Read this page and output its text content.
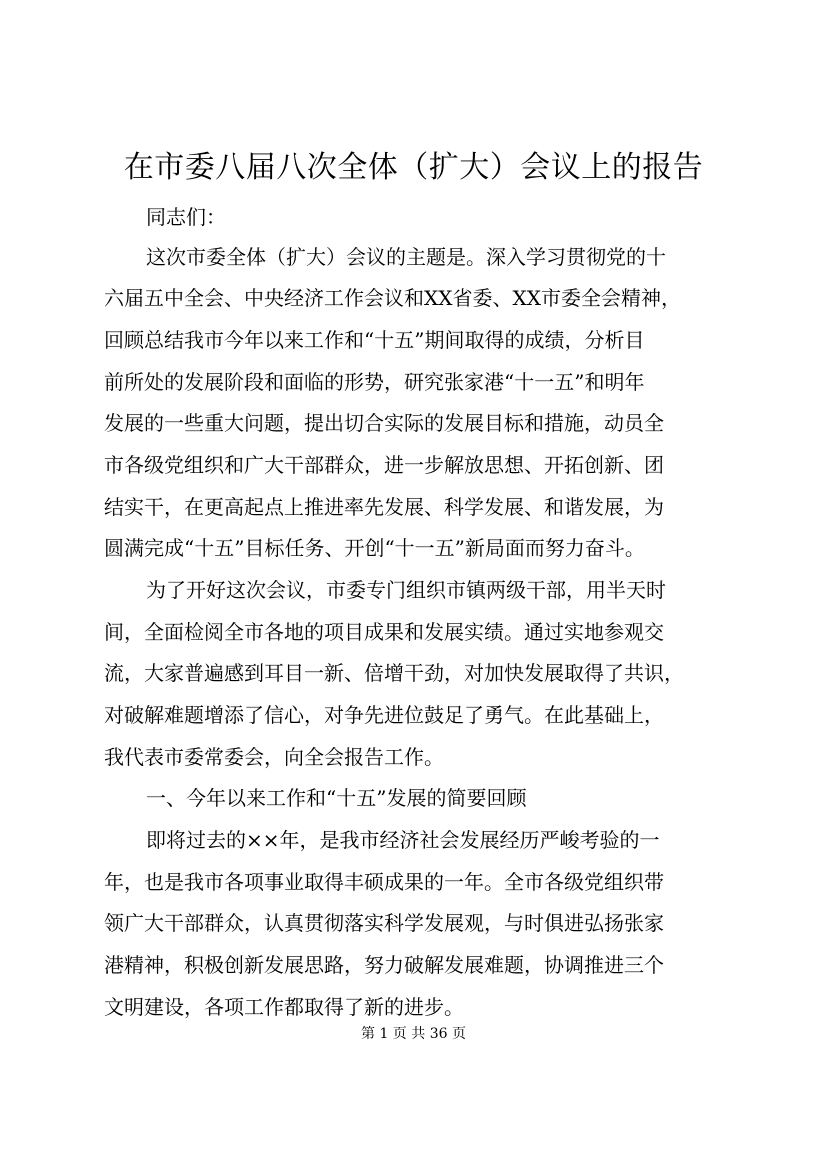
在市委八届八次全体（扩大）会议上的报告

同志们：

这次市委全体（扩大）会议的主题是。深入学习贯彻党的十

六届五中全会、中央经济工作会议和XX省委、XX市委全会精神，

回顾总结我市今年以来工作和“十五”期间取得的成绩，分析目

前所处的发展阶段和面临的形势，研究张家港“十一五”和明年

发展的一些重大问题，提出切合实际的发展目标和措施，动员全

市各级党组织和广大干部群众，进一步解放思想、开拓创新、团

结实干，在更高起点上推进率先发展、科学发展、和谐发展，为

圆满完成“十五”目标任务、开创“十一五”新局面而努力奋斗。

为了开好这次会议，市委专门组织市镇两级干部，用半天时

间，全面检阅全市各地的项目成果和发展实绩。通过实地参观交

流，大家普遍感到耳目一新、倍增干劲，对加快发展取得了共识，

对破解难题增添了信心，对争先进位鼓足了勇气。在此基础上，

我代表市委常委会，向全会报告工作。

一、今年以来工作和“十五”发展的简要回顾

即将过去的××年，是我市经济社会发展经历严峻考验的一

年，也是我市各项事业取得丰硕成果的一年。全市各级党组织带

领广大干部群众，认真贯彻落实科学发展观，与时俱进弘扬张家

港精神，积极创新发展思路，努力破解发展难题，协调推进三个

文明建设，各项工作都取得了新的进步。

第 1 页 共 36 页
